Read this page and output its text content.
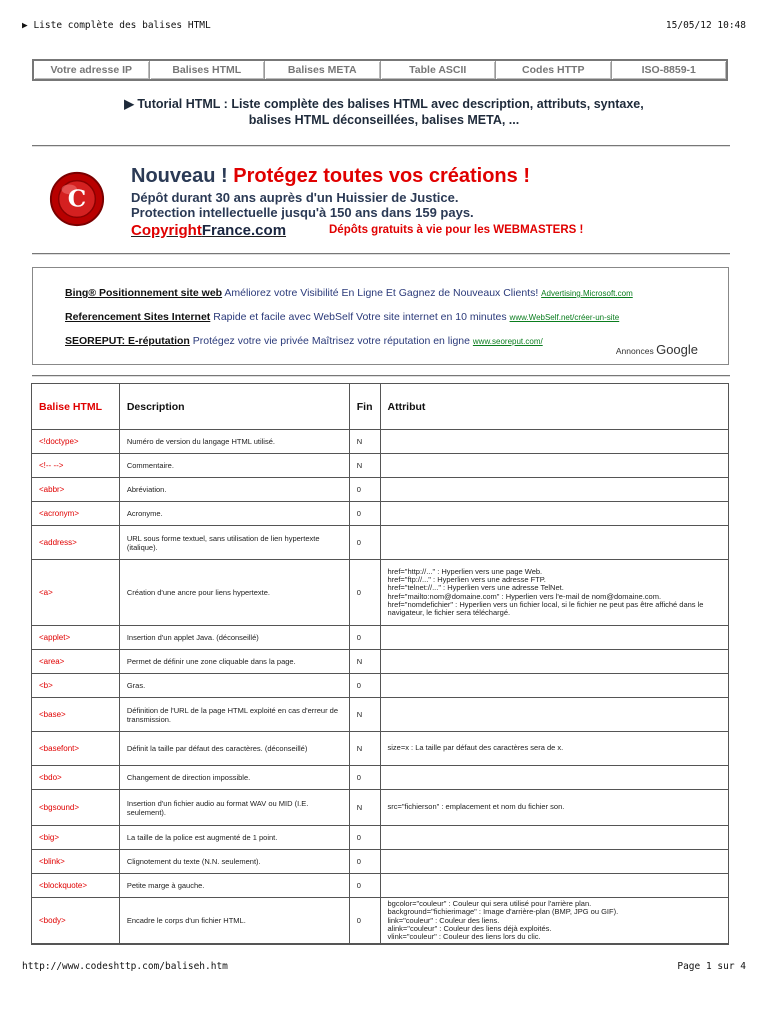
▶ Liste complète des balises HTML	15/05/12 10:48
Votre adresse IP	Balises HTML	Balises META	Table ASCII	Codes HTTP	ISO-8859-1
▶ Tutorial HTML : Liste complète des balises HTML avec description, attributs, syntaxe,
balises HTML déconseillées, balises META, ...
C
Nouveau ! Protégez toutes vos créations !
Dépôt durant 30 ans auprès d'un Huissier de Justice.
Protection intellectuelle jusqu'à 150 ans dans 159 pays.
CopyrightFrance.com	Dépôts gratuits à vie pour les WEBMASTERS !
Bing® Positionnement site web Améliorez votre Visibilité En Ligne Et Gagnez de Nouveaux Clients! Advertising.Microsoft.com
Referencement Sites Internet Rapide et facile avec WebSelf Votre site internet en 10 minutes www.WebSelf.net/créer-un-site
SEOREPUT: E-réputation Protégez votre vie privée Maîtrisez votre réputation en ligne www.seoreput.com/
Annonces Google
Balise HTML	Description	Fin	Attribut
<!doctype>	Numéro de version du langage HTML utilisé.	N	
<!-- -->	Commentaire.	N	
<abbr>	Abréviation.	0	
<acronym>	Acronyme.	0	
<address>	URL sous forme textuel, sans utilisation de lien hypertexte (italique).	0	
<a>	Création d'une ancre pour liens hypertexte.	0	href="http://..." : Hyperlien vers une page Web.
href="ftp://..." : Hyperlien vers une adresse FTP.
href="telnet://..." : Hyperlien vers une adresse TelNet.
href="mailto:nom@domaine.com" : Hyperlien vers l'e-mail de nom@domaine.com.
href="nomdefichier" : Hyperlien vers un fichier local, si le fichier ne peut pas être affiché dans le navigateur, le fichier sera téléchargé.
<applet>	Insertion d'un applet Java. (déconseillé)	0	
<area>	Permet de définir une zone cliquable dans la page.	N	
<b>	Gras.	0	
<base>	Définition de l'URL de la page HTML exploité en cas d'erreur de transmission.	N	
<basefont>	Définit la taille par défaut des caractères. (déconseillé)	N	size=x : La taille par défaut des caractères sera de x.
<bdo>	Changement de direction impossible.	0	
<bgsound>	Insertion d'un fichier audio au format WAV ou MID (I.E. seulement).	N	src="fichierson" : emplacement et nom du fichier son.
<big>	La taille de la police est augmenté de 1 point.	0	
<blink>	Clignotement du texte (N.N. seulement).	0	
<blockquote>	Petite marge à gauche.	0	
<body>	Encadre le corps d'un fichier HTML.	0	bgcolor="couleur" : Couleur qui sera utilisé pour l'arrière plan.
background="fichierimage" : Image d'arrière-plan (BMP, JPG ou GIF).
link="couleur" : Couleur des liens.
alink="couleur" : Couleur des liens déjà exploités.
vlink="couleur" : Couleur des liens lors du clic.
http://www.codeshttp.com/baliseh.htm	Page 1 sur 4
